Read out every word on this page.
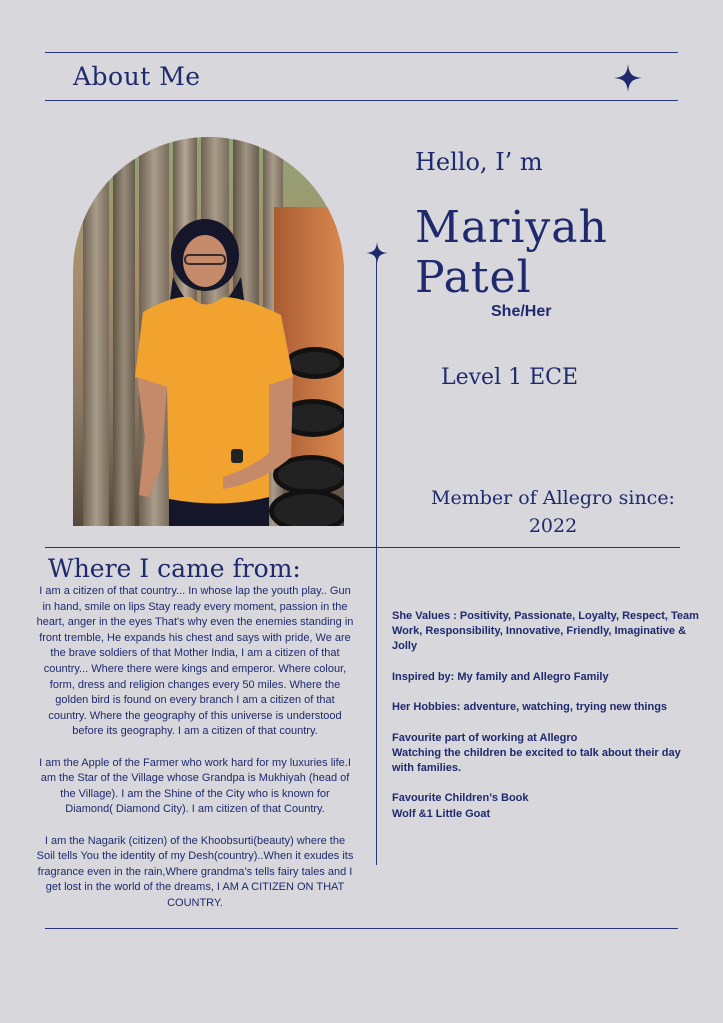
About Me
Hello, I’ m
Mariyah
Patel
She/Her
Level 1 ECE
Member of Allegro since:
2022
Where I came from:

I am a citizen of that country... In whose lap the youth play.. Gun in hand, smile on lips Stay ready every moment, passion in the heart, anger in the eyes That's why even the enemies standing in front tremble, He expands his chest and says with pride, We are the brave soldiers of that Mother India, I am a citizen of that country... Where there were kings and emperor. Where colour, form, dress and religion changes every 50 miles. Where the golden bird is found on every branch I am a citizen of that country. Where the geography of this universe is understood before its geography. I am a citizen of that country.

I am the Apple of the Farmer who work hard for my luxuries life.I am the Star of the Village whose Grandpa is Mukhiyah (head of the Village). I am the Shine of the City who is known for Diamond( Diamond City). I am citizen of that Country.

I am the Nagarik (citizen) of the Khoobsurti(beauty) where the Soil tells You the identity of my Desh(country)..When it exudes its fragrance even in the rain,Where grandma’s tells fairy tales and I get lost in the world of the dreams, I AM A CITIZEN ON THAT COUNTRY.

She Values : Positivity, Passionate, Loyalty, Respect, Team Work, Responsibility, Innovative, Friendly, Imaginative & Jolly

Inspired by: My family and Allegro Family

Her Hobbies: adventure, watching, trying new things

Favourite part of working at Allegro
Watching the children be excited to talk about their day with families.

Favourite Children’s Book
Wolf &1 Little Goat
